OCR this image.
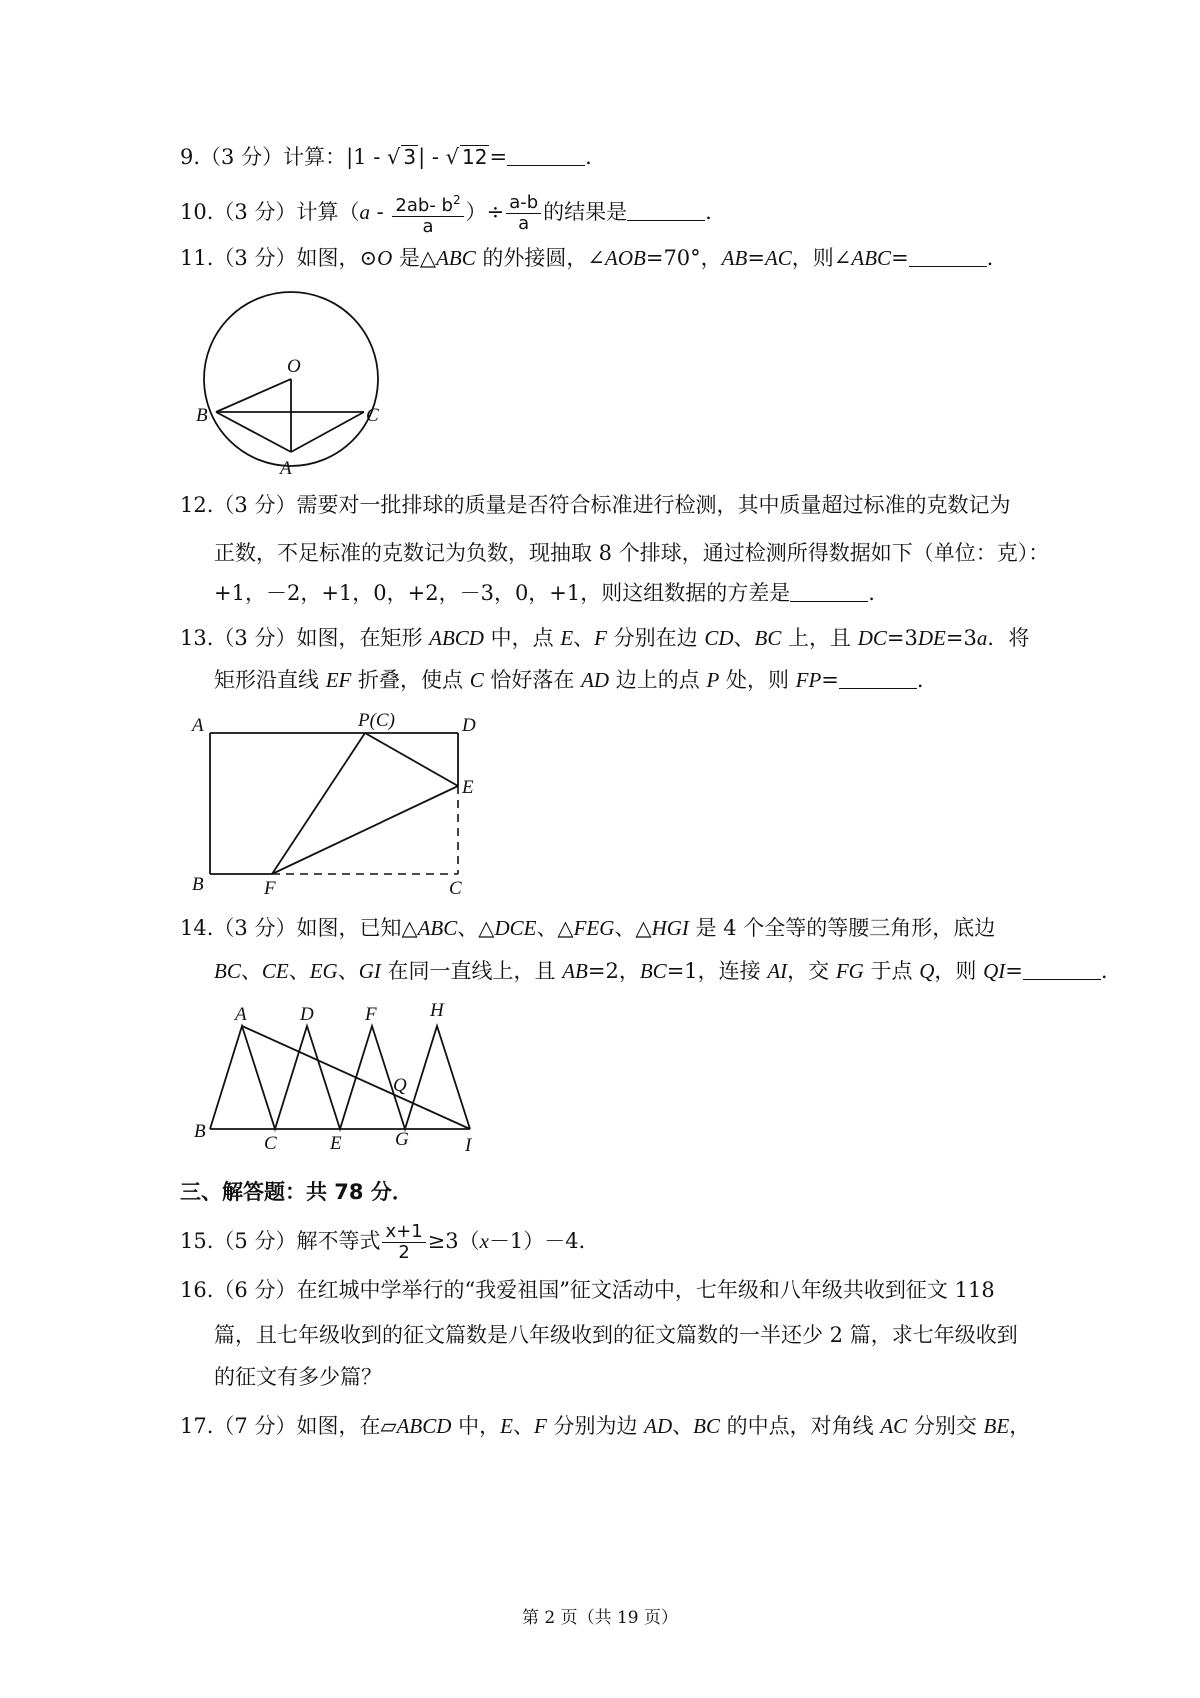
9.（3 分）计算：|1 - √ 3| - √ 12=	.
10.（3 分）计算（$a - \frac{2ab- b^2}{a}$ ）÷ $\frac{a-b}{a}$ 的结果是	.
11.（3 分）如图，⊙O 是△ABC 的外接圆，∠AOB=70°，AB=AC，则∠ABC=	.
O
B	C
A
12.（3 分）需要对一批排球的质量是否符合标准进行检测，其中质量超过标准的克数记为
正数，不足标准的克数记为负数，现抽取 8 个排球，通过检测所得数据如下（单位：克）：
+1，－2，+1，0，+2，－3，0，+1，则这组数据的方差是	.
13.（3 分）如图，在矩形 ABCD 中，点 E、F 分别在边 CD、BC 上，且 DC=3DE=3a．将
矩形沿直线 EF 折叠，使点 C 恰好落在 AD 边上的点 P 处，则 FP=	.
A	P(C)	D
E
B	F	C
14.（3 分）如图，已知△ABC、△DCE、△FEG、△HGI 是 4 个全等的等腰三角形，底边
BC、CE、EG、GI 在同一直线上，且 AB=2，BC=1，连接 AI，交 FG 于点 Q，则 QI=	.
A	D	F	H
Q
B
C	E	G	I
三、解答题：共 78 分．
15.（5 分）解不等式 $\frac{x+1}{2} \ge 3(x-1)-4$．
16.（6 分）在红城中学举行的“我爱祖国”征文活动中，七年级和八年级共收到征文 118
篇，且七年级收到的征文篇数是八年级收到的征文篇数的一半还少 2 篇，求七年级收到
的征文有多少篇？
17.（7 分）如图，在▱ABCD 中，E、F 分别为边 AD、BC 的中点，对角线 AC 分别交 BE，
第 2 页（共 19 页）
